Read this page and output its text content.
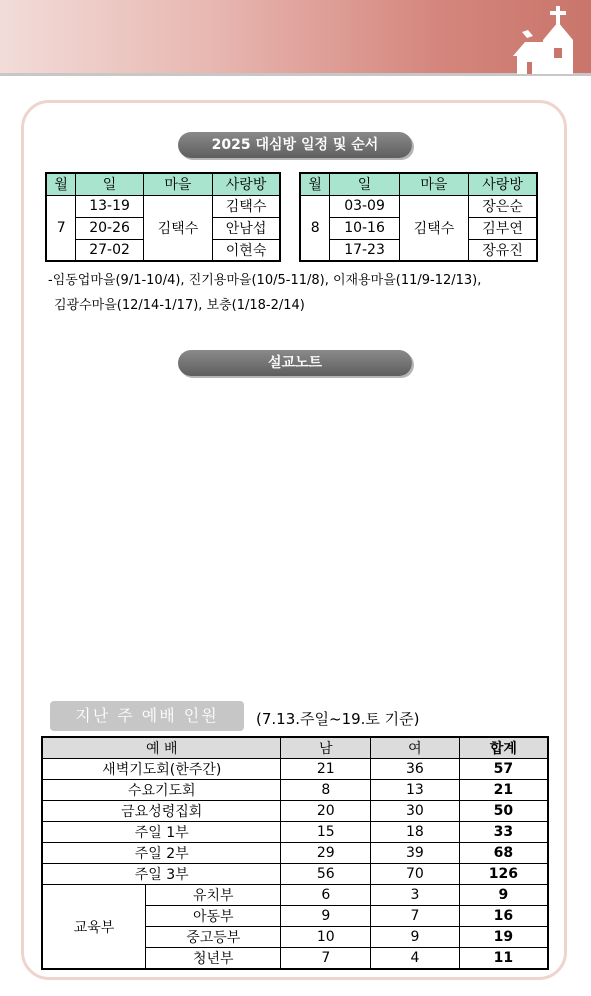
2025 대심방 일정 및 순서
월	일	마을	사랑방
7	13-19	김택수	김택수
	20-26		안남섭
	27-02		이현숙
월	일	마을	사랑방
8	03-09	김택수	장은순
	10-16		김부연
	17-23		장유진
-임동업마을(9/1-10/4), 진기용마을(10/5-11/8), 이재용마을(11/9-12/13),
김광수마을(12/14-1/17), 보충(1/18-2/14)
설교노트
지난 주 예배 인원	(7.13.주일~19.토 기준)
예 배		남	여	합계
새벽기도회(한주간)		21	36	57
수요기도회		8	13	21
금요성령집회		20	30	50
주일 1부		15	18	33
주일 2부		29	39	68
주일 3부		56	70	126
교육부	유치부	6	3	9
	아동부	9	7	16
	중고등부	10	9	19
	청년부	7	4	11
